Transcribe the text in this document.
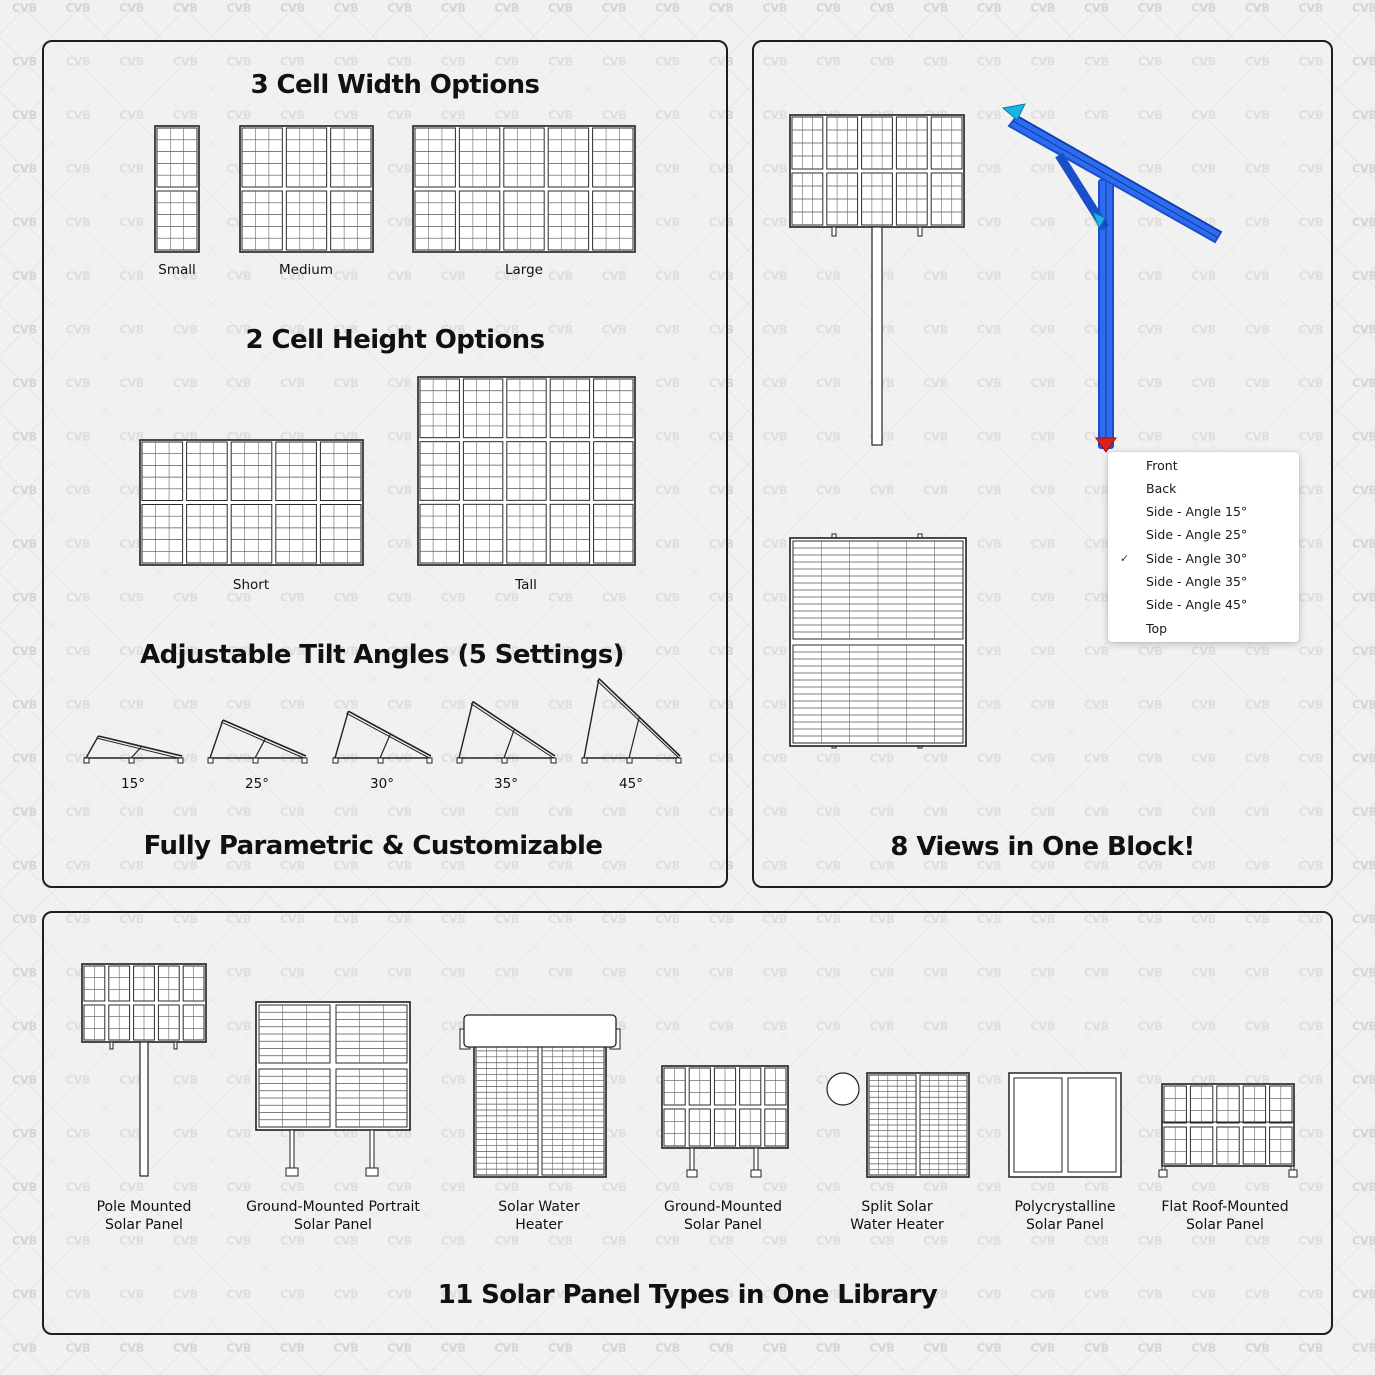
3 Cell Width Options
Small	Medium	Large
2 Cell Height Options
Short	Tall
Adjustable Tilt Angles (5 Settings)
15°	25°	30°	35°	45°
Fully Parametric & Customizable
Front
Back
Side - Angle 15°
Side - Angle 25°
✓ Side - Angle 30°
Side - Angle 35°
Side - Angle 45°
Top
8 Views in One Block!
Pole Mounted
Solar Panel
Ground-Mounted Portrait
Solar Panel
Solar Water
Heater
Ground-Mounted
Solar Panel
Split Solar
Water Heater
Polycrystalline
Solar Panel
Flat Roof-Mounted
Solar Panel
11 Solar Panel Types in One Library
